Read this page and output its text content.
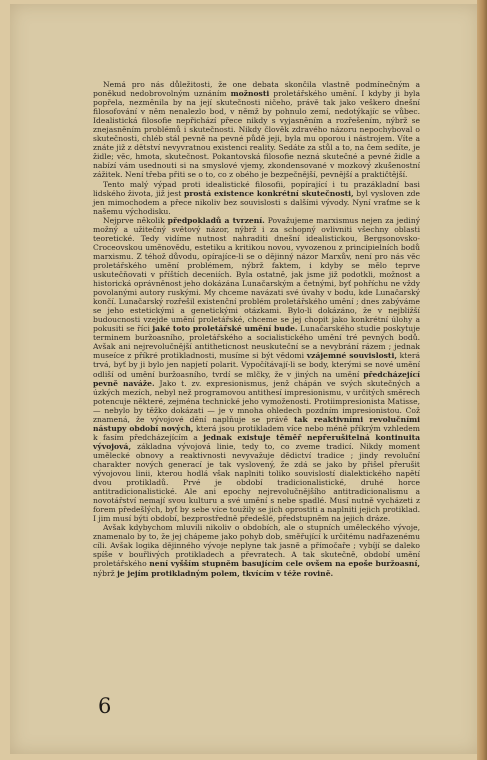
Nemá pro nás důležitosti, že one debata skončila vlastně podmínečným a poněkud nedobrovolným uznáním možnosti proletářského umění. I kdyby ji byla popřela, nezměnila by na její skutečnosti ničeho, právě tak jako veškero dnešní filosofování v něm nenalezlo bod, v němž by pohnulo zemí, nedotýkajíc se vůbec. Idealistická filosofie nepřichází přece nikdy s vyjasněním a rozřešením, nýbrž se znejasněním problémů i skutečnosti. Nikdy člověk zdravého názoru nepochyboval o skutečnosti, chléb stál pevně na pevné půdě jeji, byla mu oporou i nástrojem. Víte a znáte již z dětství nevyvratnou existenci reality. Sedáte za stůl a to, na čem sedíte, je židle; věc, hmota, skutečnost. Pokantovská filosofie nezná skutečné a pevné židle a nabízí vám usednouti si na smyslové vjemy, zkondensované v mozkový zkušenostní zážitek. Není třeba přiti se o to, co z obého je bezpečnější, pevnější a praktičtější.

Tento malý výpad proti idealistické filosofii, popírající i tu prazákladní basi lidského života, již jest prostá existence konkrétní skutečnosti, byl vysloven zde jen mimochodem a přece nikoliv bez souvislosti s dalšími vývody. Nyní vraťme se k našemu východisku.

Nejprve několik předpokladů a tvrzení. Považujeme marxismus nejen za jediný možný a užitečný světový názor, nýbrž i za schopný ovlivniti všechny oblasti teoretické. Tedy vidíme nutnost nahraditi dnešní idealistickou, Bergsonovsko-Croceovskou uměnovědu, estetiku a kritikou novou, vyvozenou z principielních bodů marxismu. Z téhož důvodu, opírajíce-li se o dějinný názor Marxův, není pro nás věc proletářského umění problémem, nýbrž faktem, i kdyby se mělo teprve uskutečňovati v příštích deceniích. Byla ostatně, jak jsme již podotkli, možnost a historická oprávněnost jeho dokázána Lunačarským a četnými, byť pohříchu ne vždy povolanými autory ruskými. My chceme navázati své úvahy v bodu, kde Lunačarský končí. Lunačarský rozřešil existenční problém proletářského umění ; dnes zabýváme se jeho estetickými a genetickými otázkami. Bylo-li dokázáno, že v nejbližší budoucnosti vzejde umění proletářské, chceme se jej chopit jako konkrétní úlohy a pokusiti se říci jaké toto proletářské umění bude. Lunačarského studie poskytuje terminem buržoasního, proletářského a socialistického umění tré pevných bodů. Avšak ani nejrevolučnější antitheticnost neuskuteční se a nevybrání rázem ; jednak museíce z příkré protikladnosti, musíme si být vědomi vzájemné souvislosti, která trvá, byť by ji bylo jen napjetí polarit. Vypočítávají-li se body, kterými se nové umění odliší od umění buržoasního, tvrdí se mlčky, že v jiných na umění předcházející pevně naváže. Jako t. zv. expresionismus, jenž chápán ve svých skutečných a úzkých mezích, nebyl než programovou antithesí impresionismu, v určitých směrech potencuje některé, zejména technické jeho vymoženosti. Protiimpresionista Matisse, — nebylo by těžko dokázati — je v mnoha ohledech pozdním impresionistou. Což znamená, že vývojové dění naplňuje se právě tak reaktivními revolučními nástupy období nových, která jsou protikladem více nebo méně příkrým vzhledem k fasím předcházejícím a jednak existuje těměř nepřerušitelná kontinuita vývojová, základna vývojová linie, tedy to, co zveme tradicí. Nikdy moment umělecké obnovy a reaktivnosti nevyvažuje dědictví tradice ; jindy revoluční charakter nových generací je tak vyslovený, že zdá se jako by přišel přerušit vývojovou linii, kterou hodlá však naplniti toliko souvislostí dialektického napětí dvou protikladů. Prvé je období tradicionalistické, druhé horce antitradicionalistické. Ale ani epochy nejrevolučnějšího antitradicionalismu a novotářství nemají svou kulturu a své umění s nebe spadlé. Musí nutně vycházeti z forem předešlých, byť by sebe více toužily se jich oprostiti a naplniti jejich protiklad. I jim musí býti období, bezprostředně předešlé, předstupněm na jejich dráze.

Avšak kdybychom mluvili nikoliv o obdobích, ale o stupních uměleckého vývoje, znamenalo by to, že jej chápeme jako pohyb dob, směřující k určitému nadřazenému cíli. Avšak logika dějinného vývoje neplyne tak jasně a přímočaře ; vybíjí se daleko spíše v bouřlivých protikladech a převratech. A tak skutečně, období umění proletářského není vyšším stupněm basujícím cele ovšem na epoše buržoasní, nýbrž je jejím protikladným polem, tkvícím v téže rovině.

6
